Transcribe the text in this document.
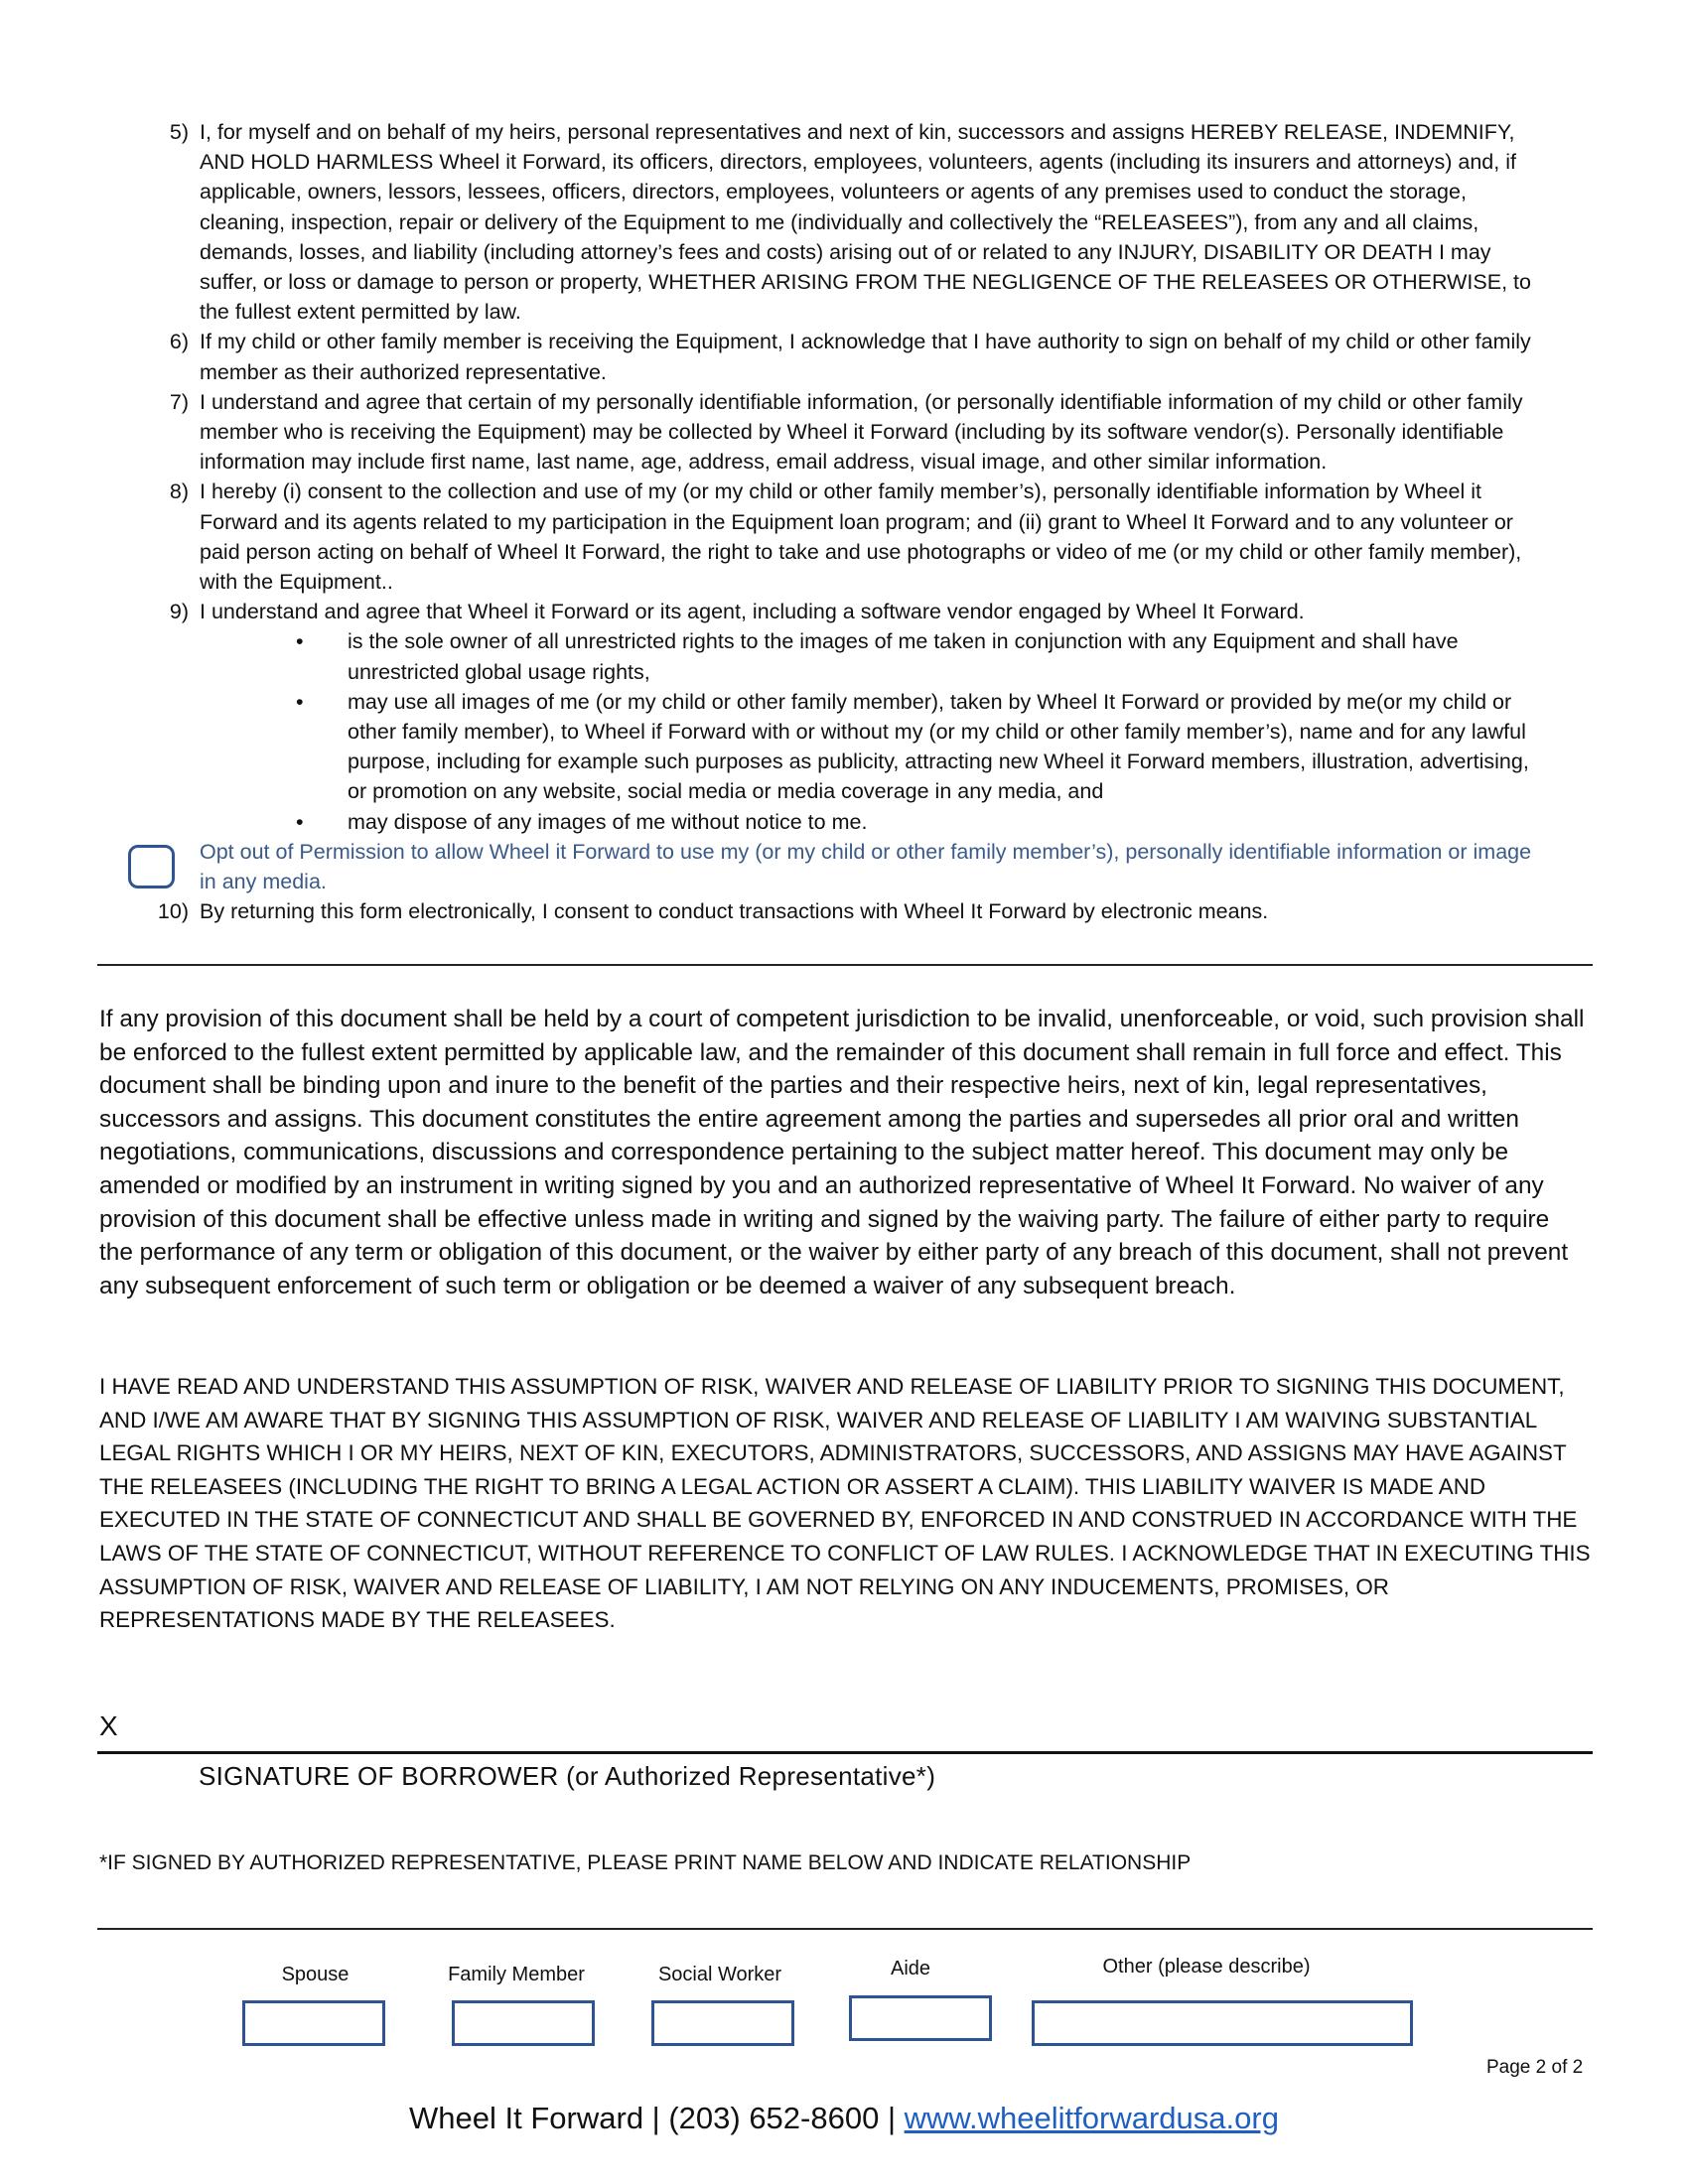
5) I, for myself and on behalf of my heirs, personal representatives and next of kin, successors and assigns HEREBY RELEASE, INDEMNIFY, AND HOLD HARMLESS Wheel it Forward, its officers, directors, employees, volunteers, agents (including its insurers and attorneys) and, if applicable, owners, lessors, lessees, officers, directors, employees, volunteers or agents of any premises used to conduct the storage, cleaning, inspection, repair or delivery of the Equipment to me (individually and collectively the “RELEASEES”), from any and all claims, demands, losses, and liability (including attorney’s fees and costs) arising out of or related to any INJURY, DISABILITY OR DEATH I may suffer, or loss or damage to person or property, WHETHER ARISING FROM THE NEGLIGENCE OF THE RELEASEES OR OTHERWISE, to the fullest extent permitted by law.
6) If my child or other family member is receiving the Equipment, I acknowledge that I have authority to sign on behalf of my child or other family member as their authorized representative.
7) I understand and agree that certain of my personally identifiable information, (or personally identifiable information of my child or other family member who is receiving the Equipment) may be collected by Wheel it Forward (including by its software vendor(s). Personally identifiable information may include first name, last name, age, address, email address, visual image, and other similar information.
8) I hereby (i) consent to the collection and use of my (or my child or other family member’s), personally identifiable information by Wheel it Forward and its agents related to my participation in the Equipment loan program; and (ii) grant to Wheel It Forward and to any volunteer or paid person acting on behalf of Wheel It Forward, the right to take and use photographs or video of me (or my child or other family member), with the Equipment..
9) I understand and agree that Wheel it Forward or its agent, including a software vendor engaged by Wheel It Forward.
• is the sole owner of all unrestricted rights to the images of me taken in conjunction with any Equipment and shall have unrestricted global usage rights,
• may use all images of me (or my child or other family member), taken by Wheel It Forward or provided by me(or my child or other family member), to Wheel if Forward with or without my (or my child or other family member’s), name and for any lawful purpose, including for example such purposes as publicity, attracting new Wheel it Forward members, illustration, advertising, or promotion on any website, social media or media coverage in any media, and
• may dispose of any images of me without notice to me.
Opt out of Permission to allow Wheel it Forward to use my (or my child or other family member’s), personally identifiable information or image in any media.
10) By returning this form electronically, I consent to conduct transactions with Wheel It Forward by electronic means.
If any provision of this document shall be held by a court of competent jurisdiction to be invalid, unenforceable, or void, such provision shall be enforced to the fullest extent permitted by applicable law, and the remainder of this document shall remain in full force and effect. This document shall be binding upon and inure to the benefit of the parties and their respective heirs, next of kin, legal representatives, successors and assigns. This document constitutes the entire agreement among the parties and supersedes all prior oral and written negotiations, communications, discussions and correspondence pertaining to the subject matter hereof. This document may only be amended or modified by an instrument in writing signed by you and an authorized representative of Wheel It Forward. No waiver of any provision of this document shall be effective unless made in writing and signed by the waiving party. The failure of either party to require the performance of any term or obligation of this document, or the waiver by either party of any breach of this document, shall not prevent any subsequent enforcement of such term or obligation or be deemed a waiver of any subsequent breach.
I HAVE READ AND UNDERSTAND THIS ASSUMPTION OF RISK, WAIVER AND RELEASE OF LIABILITY PRIOR TO SIGNING THIS DOCUMENT, AND I/WE AM AWARE THAT BY SIGNING THIS ASSUMPTION OF RISK, WAIVER AND RELEASE OF LIABILITY I AM WAIVING SUBSTANTIAL LEGAL RIGHTS WHICH I OR MY HEIRS, NEXT OF KIN, EXECUTORS, ADMINISTRATORS, SUCCESSORS, AND ASSIGNS MAY HAVE AGAINST THE RELEASEES (INCLUDING THE RIGHT TO BRING A LEGAL ACTION OR ASSERT A CLAIM). THIS LIABILITY WAIVER IS MADE AND EXECUTED IN THE STATE OF CONNECTICUT AND SHALL BE GOVERNED BY, ENFORCED IN AND CONSTRUED IN ACCORDANCE WITH THE LAWS OF THE STATE OF CONNECTICUT, WITHOUT REFERENCE TO CONFLICT OF LAW RULES. I ACKNOWLEDGE THAT IN EXECUTING THIS ASSUMPTION OF RISK, WAIVER AND RELEASE OF LIABILITY, I AM NOT RELYING ON ANY INDUCEMENTS, PROMISES, OR REPRESENTATIONS MADE BY THE RELEASEES.
X
SIGNATURE OF BORROWER (or Authorized Representative*)
*IF SIGNED BY AUTHORIZED REPRESENTATIVE, PLEASE PRINT NAME BELOW AND INDICATE RELATIONSHIP
Spouse	Family Member	Social Worker	Aide	Other (please describe)
Page 2 of 2
Wheel It Forward | (203) 652-8600 | www.wheelitforwardusa.org
